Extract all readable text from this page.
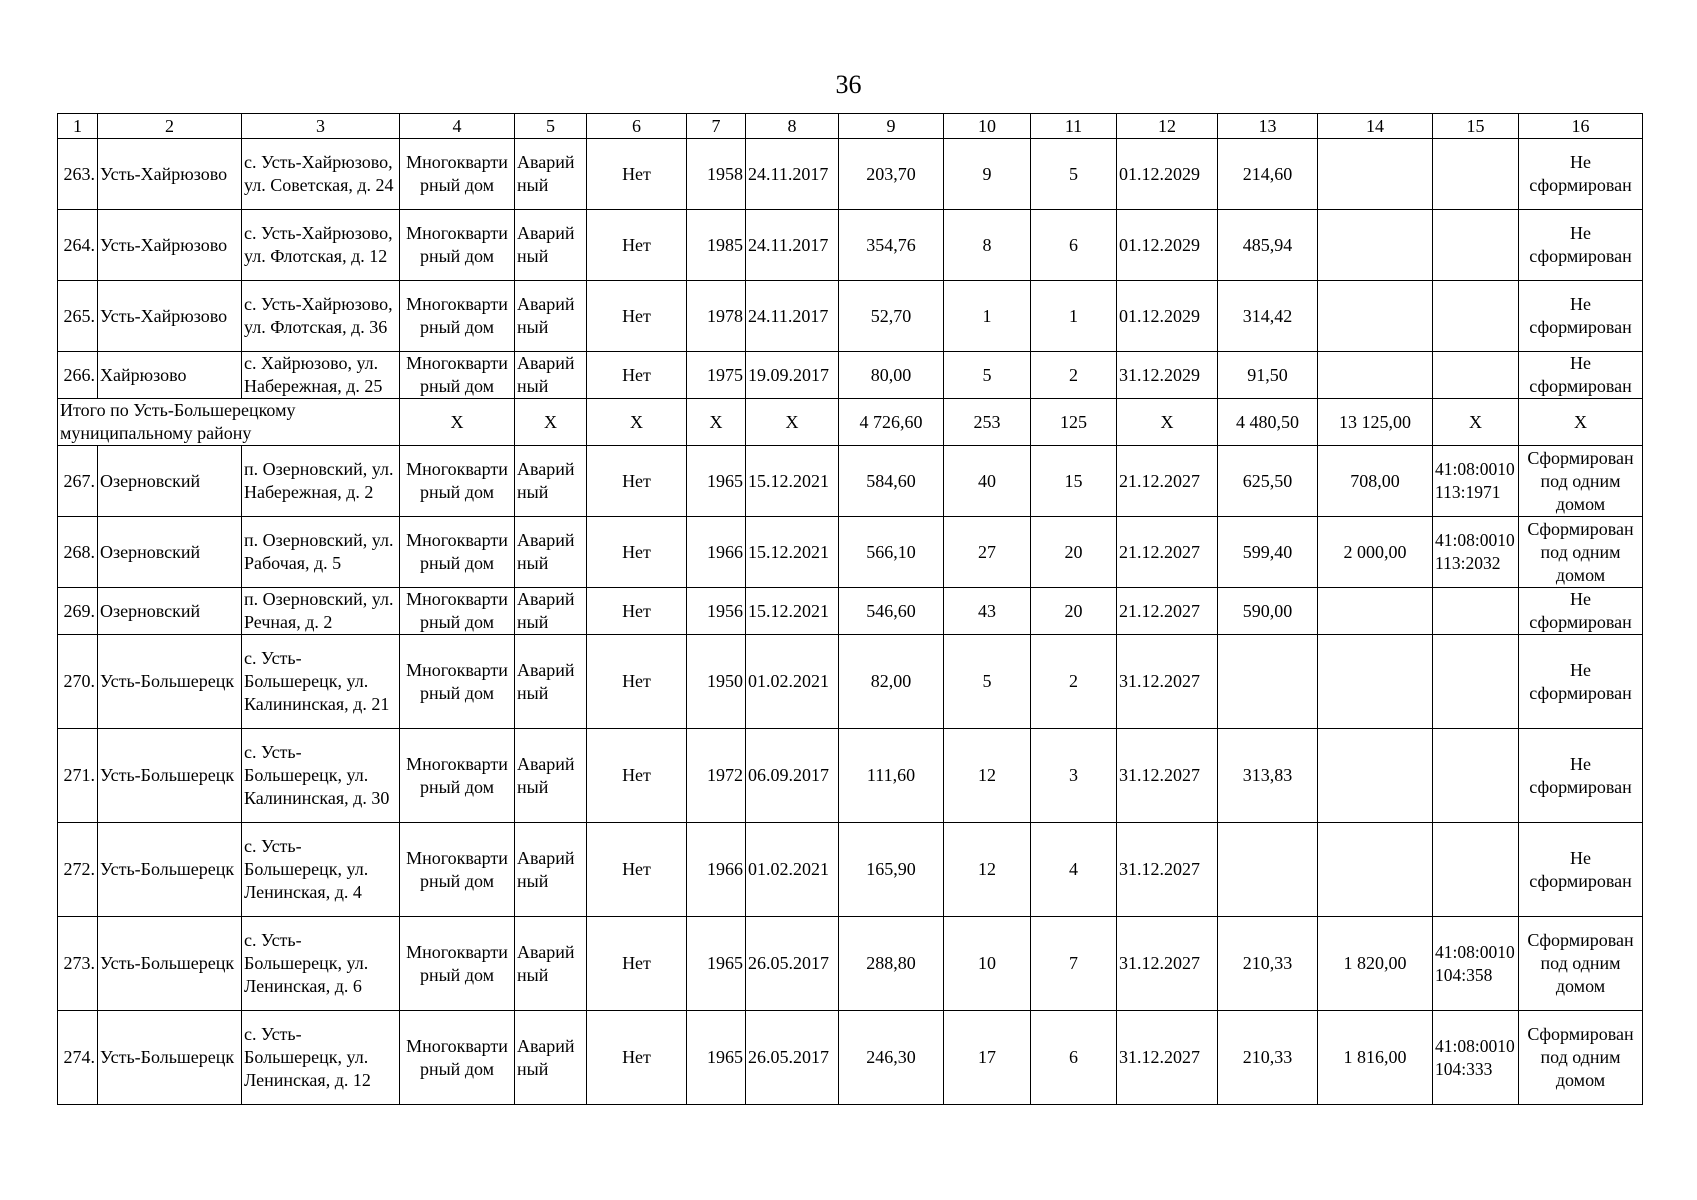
36
1	2	3	4	5	6	7	8	9	10	11	12	13	14	15	16
263.	Усть-Хайрюзово	с. Усть-Хайрюзово, ул. Советская, д. 24	Многоквартирный дом	Аварийный	Нет	1958	24.11.2017	203,70	9	5	01.12.2029	214,60			Не сформирован
264.	Усть-Хайрюзово	с. Усть-Хайрюзово, ул. Флотская, д. 12	Многоквартирный дом	Аварийный	Нет	1985	24.11.2017	354,76	8	6	01.12.2029	485,94			Не сформирован
265.	Усть-Хайрюзово	с. Усть-Хайрюзово, ул. Флотская, д. 36	Многоквартирный дом	Аварийный	Нет	1978	24.11.2017	52,70	1	1	01.12.2029	314,42			Не сформирован
266.	Хайрюзово	с. Хайрюзово, ул. Набережная, д. 25	Многоквартирный дом	Аварийный	Нет	1975	19.09.2017	80,00	5	2	31.12.2029	91,50			Не сформирован
Итого по Усть-Большерецкому муниципальному району			X	X	X	X	X	4 726,60	253	125	X	4 480,50	13 125,00	X	X
267.	Озерновский	п. Озерновский, ул. Набережная, д. 2	Многоквартирный дом	Аварийный	Нет	1965	15.12.2021	584,60	40	15	21.12.2027	625,50	708,00	41:08:0010113:1971	Сформирован под одним домом
268.	Озерновский	п. Озерновский, ул. Рабочая, д. 5	Многоквартирный дом	Аварийный	Нет	1966	15.12.2021	566,10	27	20	21.12.2027	599,40	2 000,00	41:08:0010113:2032	Сформирован под одним домом
269.	Озерновский	п. Озерновский, ул. Речная, д. 2	Многоквартирный дом	Аварийный	Нет	1956	15.12.2021	546,60	43	20	21.12.2027	590,00			Не сформирован
270.	Усть-Большерецк	с. Усть-Большерецк, ул. Калининская, д. 21	Многоквартирный дом	Аварийный	Нет	1950	01.02.2021	82,00	5	2	31.12.2027				Не сформирован
271.	Усть-Большерецк	с. Усть-Большерецк, ул. Калининская, д. 30	Многоквартирный дом	Аварийный	Нет	1972	06.09.2017	111,60	12	3	31.12.2027	313,83			Не сформирован
272.	Усть-Большерецк	с. Усть-Большерецк, ул. Ленинская, д. 4	Многоквартирный дом	Аварийный	Нет	1966	01.02.2021	165,90	12	4	31.12.2027				Не сформирован
273.	Усть-Большерецк	с. Усть-Большерецк, ул. Ленинская, д. 6	Многоквартирный дом	Аварийный	Нет	1965	26.05.2017	288,80	10	7	31.12.2027	210,33	1 820,00	41:08:0010104:358	Сформирован под одним домом
274.	Усть-Большерецк	с. Усть-Большерецк, ул. Ленинская, д. 12	Многоквартирный дом	Аварийный	Нет	1965	26.05.2017	246,30	17	6	31.12.2027	210,33	1 816,00	41:08:0010104:333	Сформирован под одним домом
